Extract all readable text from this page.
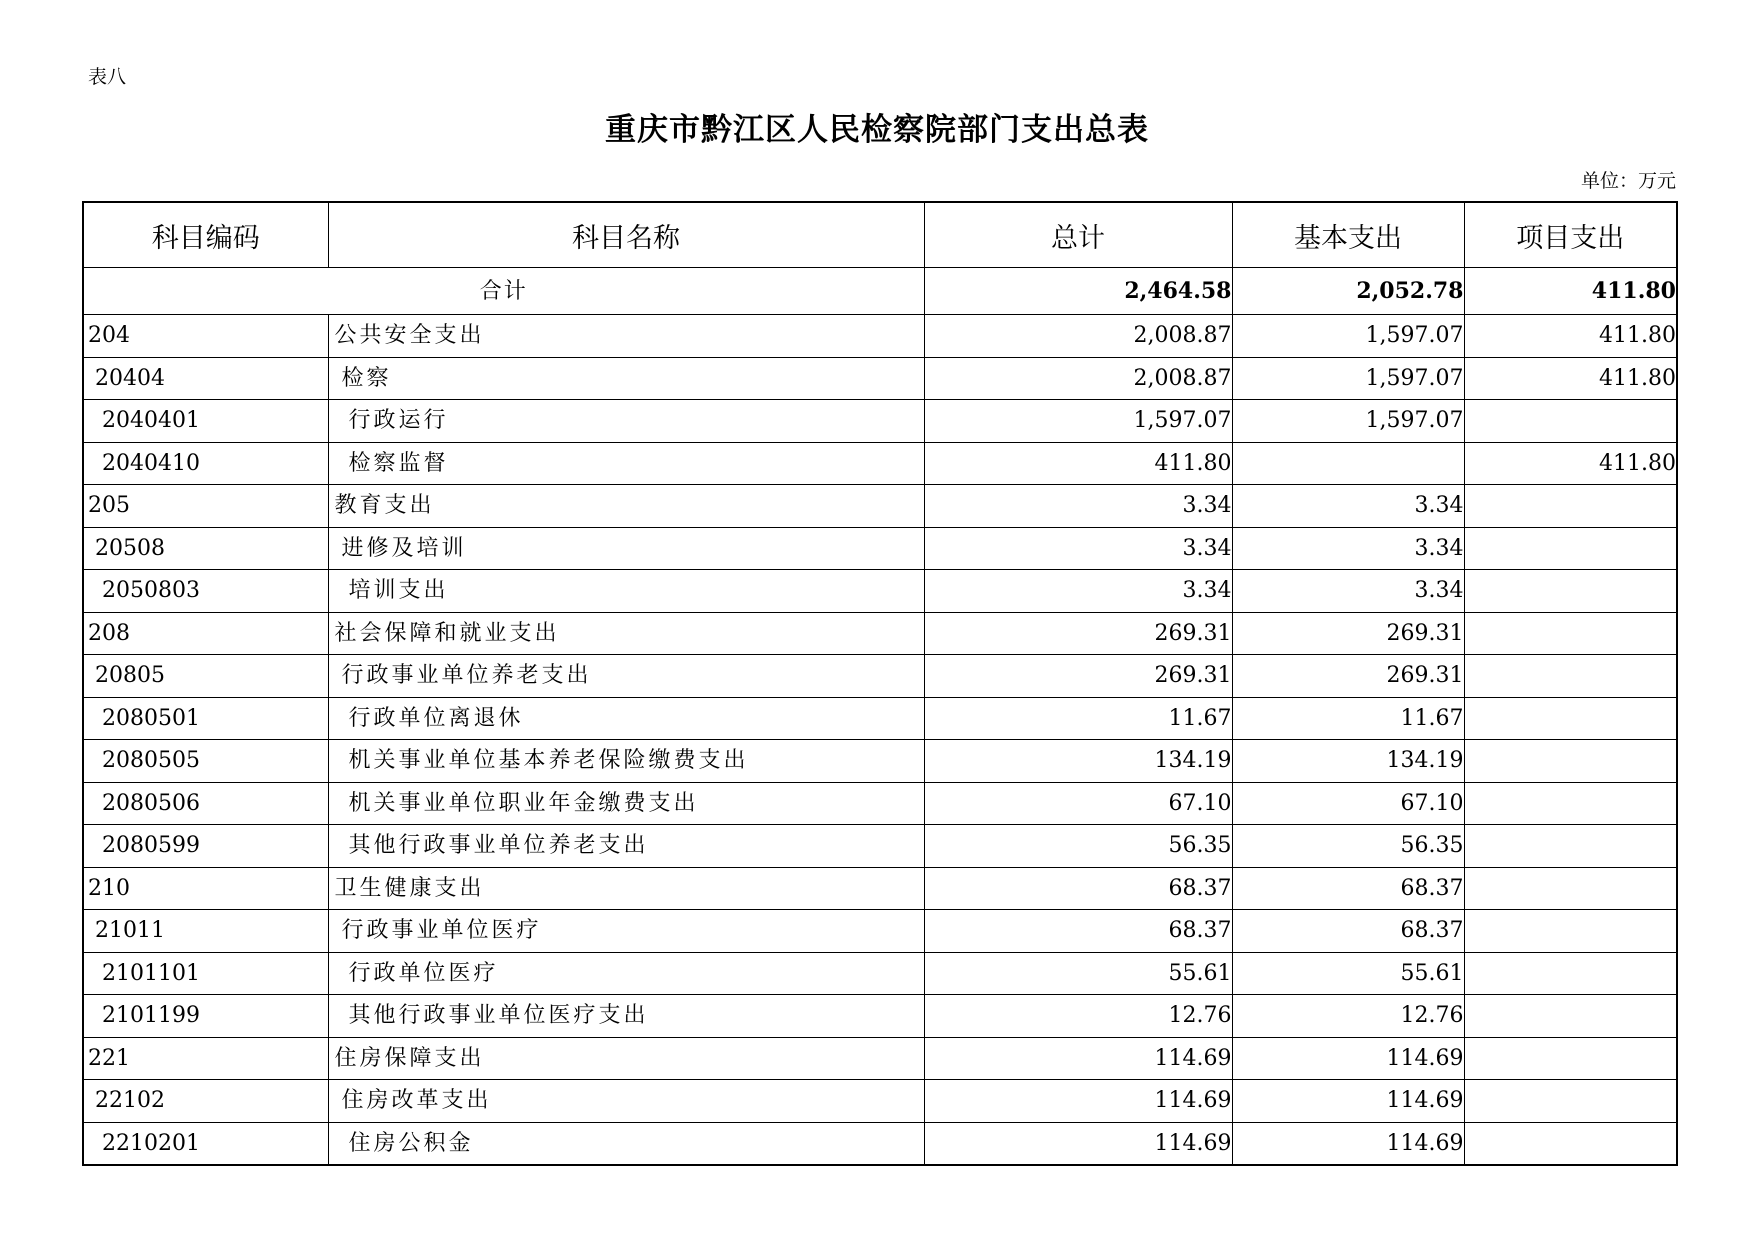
表八
重庆市黔江区人民检察院部门支出总表
单位：万元
科目编码	科目名称	总计	基本支出	项目支出
合计		2,464.58	2,052.78	411.80
204	公共安全支出	2,008.87	1,597.07	411.80
20404	检察	2,008.87	1,597.07	411.80
2040401	行政运行	1,597.07	1,597.07	
2040410	检察监督	411.80		411.80
205	教育支出	3.34	3.34	
20508	进修及培训	3.34	3.34	
2050803	培训支出	3.34	3.34	
208	社会保障和就业支出	269.31	269.31	
20805	行政事业单位养老支出	269.31	269.31	
2080501	行政单位离退休	11.67	11.67	
2080505	机关事业单位基本养老保险缴费支出	134.19	134.19	
2080506	机关事业单位职业年金缴费支出	67.10	67.10	
2080599	其他行政事业单位养老支出	56.35	56.35	
210	卫生健康支出	68.37	68.37	
21011	行政事业单位医疗	68.37	68.37	
2101101	行政单位医疗	55.61	55.61	
2101199	其他行政事业单位医疗支出	12.76	12.76	
221	住房保障支出	114.69	114.69	
22102	住房改革支出	114.69	114.69	
2210201	住房公积金	114.69	114.69	
